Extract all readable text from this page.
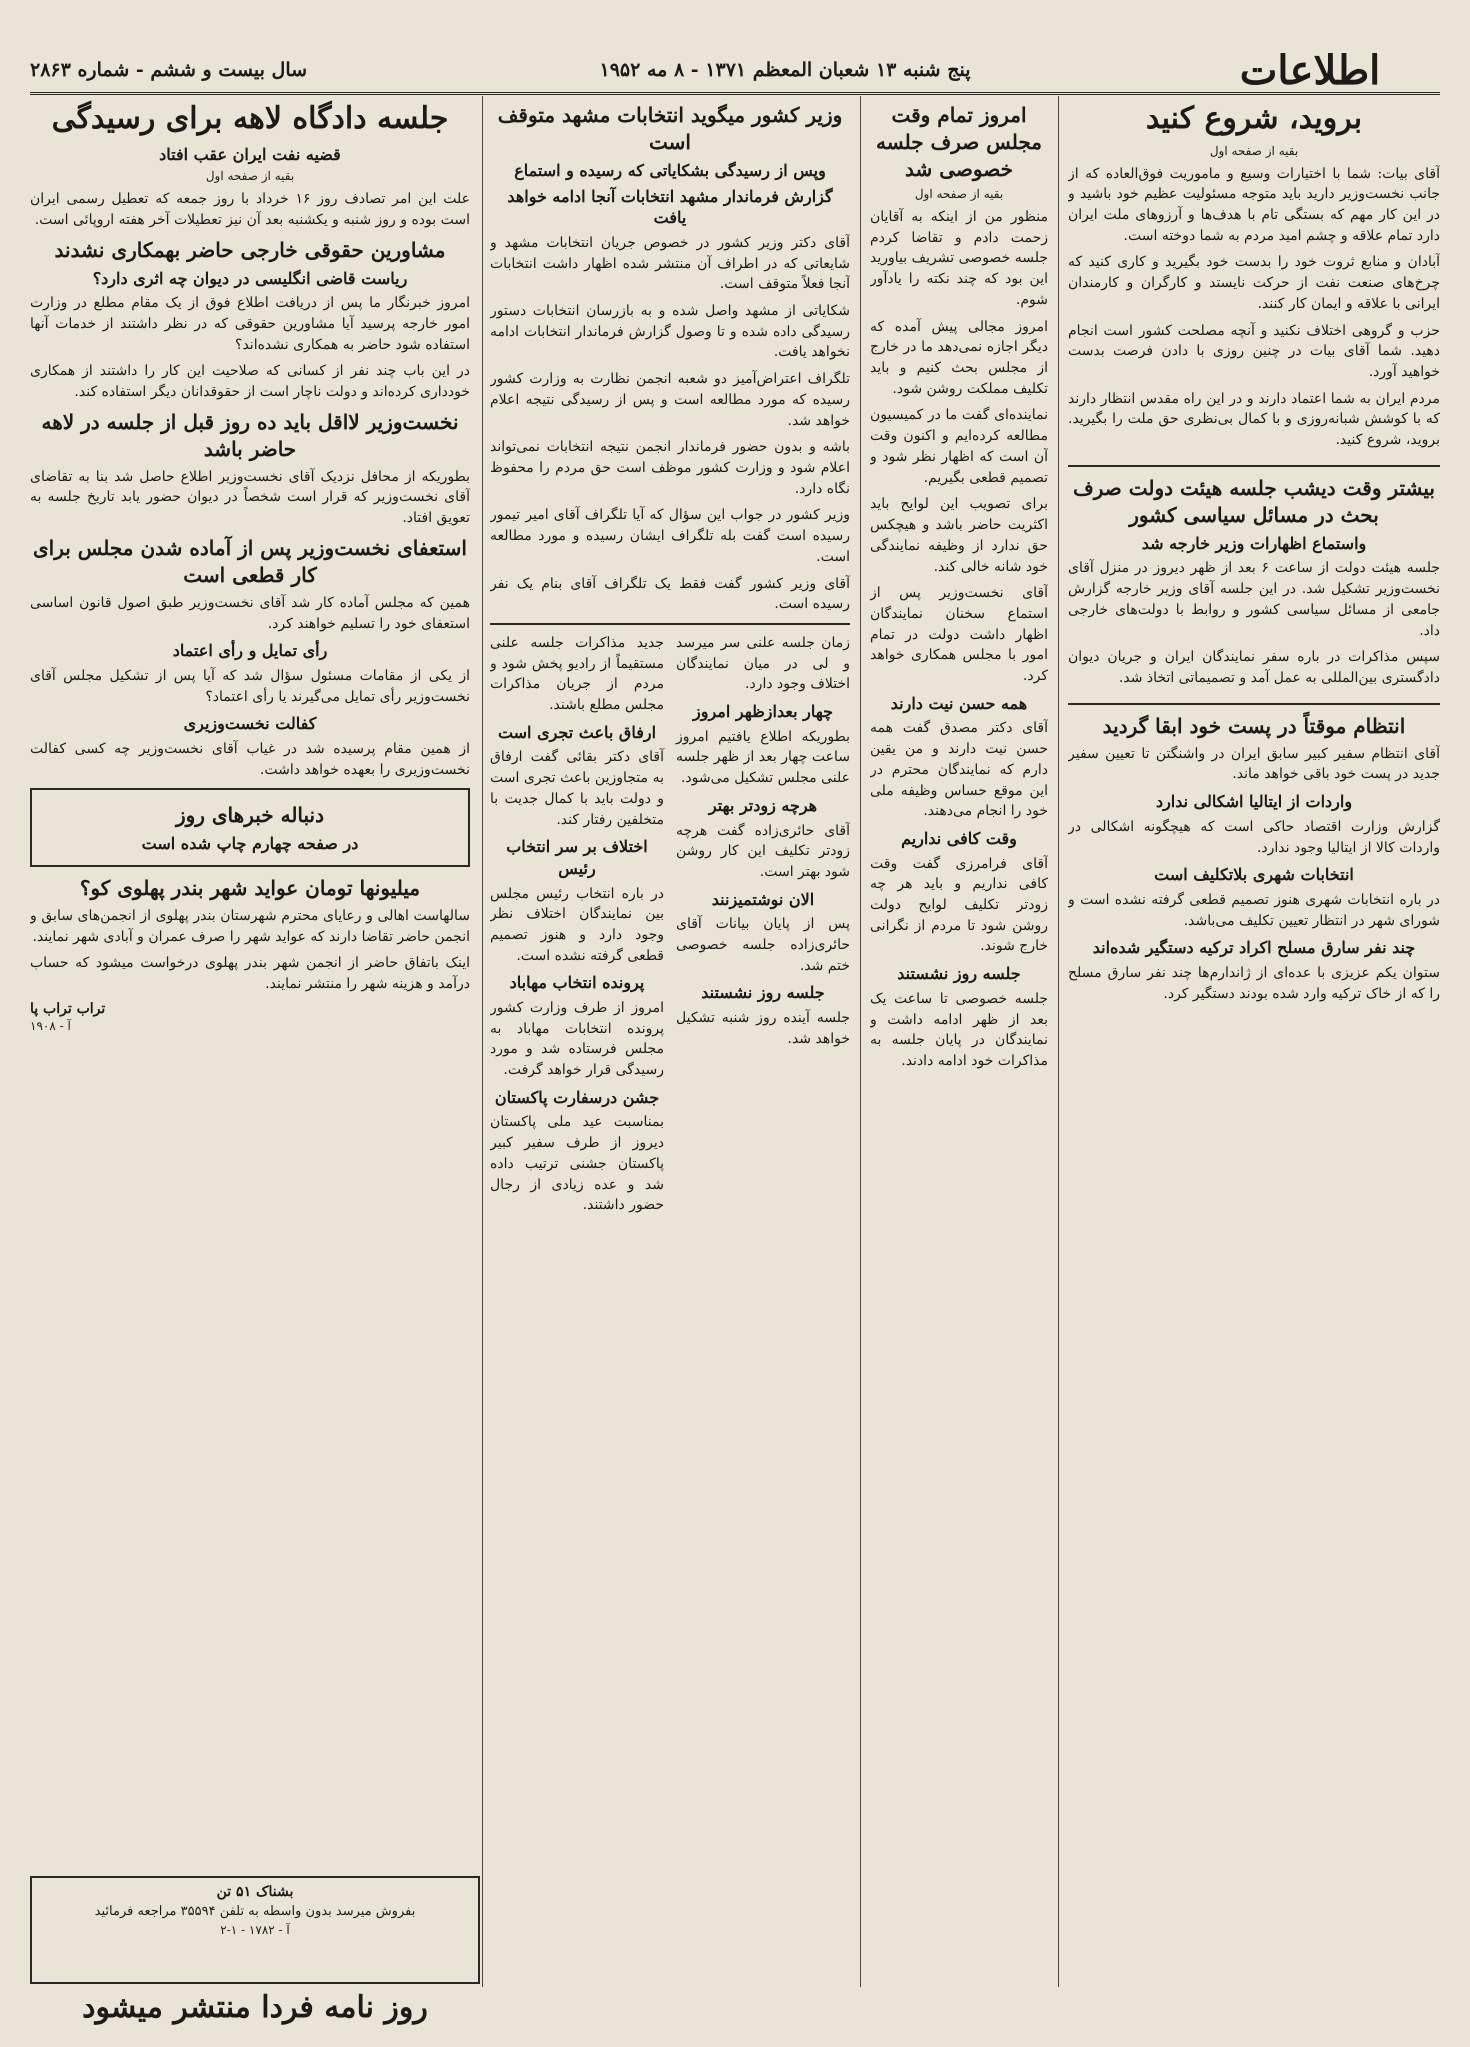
اطلاعات
پنج شنبه ۱۳ شعبان المعظم ۱۳۷۱ - ۸ مه ۱۹۵۲
سال بیست و ششم - شماره ۲۸۶۳
بروید، شروع کنید
بقیه از صفحه اول

آقای بیات: شما با اختیارات وسیع و ماموریت فوق‌العاده که از جانب نخست‌وزیر دارید باید متوجه مسئولیت عظیم خود باشید و در این کار مهم که بستگی تام با هدف‌ها و آرزوهای ملت ایران دارد تمام علاقه و چشم امید مردم به شما دوخته است.

آبادان و منابع ثروت خود را بدست خود بگیرید و کاری کنید که چرخ‌های صنعت نفت از حرکت نایستد و کارگران و کارمندان ایرانی با علاقه و ایمان کار کنند.

حزب و گروهی اختلاف نکنید و آنچه مصلحت کشور است انجام دهید. شما آقای بیات در چنین روزی با دادن فرصت بدست خواهید آورد.

مردم ایران به شما اعتماد دارند و در این راه مقدس انتظار دارند که با کوشش شبانه‌روزی و با کمال بی‌نظری حق ملت را بگیرید. بروید، شروع کنید.

بیشتر وقت دیشب جلسه هیئت دولت صرف بحث در مسائل سیاسی کشور
واستماع اظهارات وزیر خارجه شد

جلسه هیئت دولت از ساعت ۶ بعد از ظهر دیروز در منزل آقای نخست‌وزیر تشکیل شد. در این جلسه آقای وزیر خارجه گزارش جامعی از مسائل سیاسی کشور و روابط با دولت‌های خارجی داد.

سپس مذاکرات در باره سفر نمایندگان ایران و جریان دیوان دادگستری بین‌المللی به عمل آمد و تصمیماتی اتخاذ شد.

انتظام موقتاً در پست خود ابقا گردید

آقای انتظام سفیر کبیر سابق ایران در واشنگتن تا تعیین سفیر جدید در پست خود باقی خواهد ماند.

واردات از ایتالیا اشکالی ندارد

گزارش وزارت اقتصاد حاکی است که هیچگونه اشکالی در واردات کالا از ایتالیا وجود ندارد.

انتخابات شهری بلاتکلیف است

در باره انتخابات شهری هنوز تصمیم قطعی گرفته نشده است و شورای شهر در انتظار تعیین تکلیف می‌باشد.

چند نفر سارق مسلح اکراد ترکیه دستگیر شده‌اند

ستوان یکم عزیزی با عده‌ای از ژاندارم‌ها چند نفر سارق مسلح را که از خاک ترکیه وارد شده بودند دستگیر کرد.

امروز تمام وقت مجلس صرف جلسه خصوصی شد
بقیه از صفحه اول

منظور من از اینکه به آقایان زحمت دادم و تقاضا کردم جلسه خصوصی تشریف بیاورید این بود که چند نکته را یادآور شوم.

امروز مجالی پیش آمده که دیگر اجازه نمی‌دهد ما در خارج از مجلس بحث کنیم و باید تکلیف مملکت روشن شود.

نماینده‌ای گفت ما در کمیسیون مطالعه کرده‌ایم و اکنون وقت آن است که اظهار نظر شود و تصمیم قطعی بگیریم.

برای تصویب این لوایح باید اکثریت حاضر باشد و هیچکس حق ندارد از وظیفه نمایندگی خود شانه خالی کند.

آقای نخست‌وزیر پس از استماع سخنان نمایندگان اظهار داشت دولت در تمام امور با مجلس همکاری خواهد کرد.

همه حسن نیت دارند

آقای دکتر مصدق گفت همه حسن نیت دارند و من یقین دارم که نمایندگان محترم در این موقع حساس وظیفه ملی خود را انجام می‌دهند.

وقت کافی نداریم

آقای فرامرزی گفت وقت کافی نداریم و باید هر چه زودتر تکلیف لوایح دولت روشن شود تا مردم از نگرانی خارج شوند.

جلسه روز نشستند

جلسه خصوصی تا ساعت یک بعد از ظهر ادامه داشت و نمایندگان در پایان جلسه به مذاکرات خود ادامه دادند.

وزیر کشور میگوید انتخابات مشهد متوقف است
وپس از رسیدگی بشکایاتی که رسیده و استماع
گزارش فرماندار مشهد انتخابات آنجا ادامه خواهد یافت

آقای دکتر وزیر کشور در خصوص جریان انتخابات مشهد و شایعاتی که در اطراف آن منتشر شده اظهار داشت انتخابات آنجا فعلاً متوقف است.

شکایاتی از مشهد واصل شده و به بازرسان انتخابات دستور رسیدگی داده شده و تا وصول گزارش فرماندار انتخابات ادامه نخواهد یافت.

تلگراف اعتراض‌آمیز دو شعبه انجمن نظارت به وزارت کشور رسیده که مورد مطالعه است و پس از رسیدگی نتیجه اعلام خواهد شد.

باشه و بدون حضور فرماندار انجمن نتیجه انتخابات نمی‌تواند اعلام شود و وزارت کشور موظف است حق مردم را محفوظ نگاه دارد.

وزیر کشور در جواب این سؤال که آیا تلگراف آقای امیر تیمور رسیده است گفت بله تلگراف ایشان رسیده و مورد مطالعه است.

آقای وزیر کشور گفت فقط یک تلگراف آقای بنام یک نفر رسیده است.

زمان جلسه علنی سر میرسد و لی در میان نمایندگان اختلاف وجود دارد.

چهار بعدازظهر امروز

بطوریکه اطلاع یافتیم امروز ساعت چهار بعد از ظهر جلسه علنی مجلس تشکیل می‌شود.

هرچه زودتر بهتر

آقای حائری‌زاده گفت هرچه زودتر تکلیف این کار روشن شود بهتر است.

الان نوشتمیزنند

پس از پایان بیانات آقای حائری‌زاده جلسه خصوصی ختم شد.

جلسه روز نشستند

جلسه آینده روز شنبه تشکیل خواهد شد.

جدید مذاکرات جلسه علنی مستقیماً از رادیو پخش شود و مردم از جریان مذاکرات مجلس مطلع باشند.

ارفاق باعث تجری است

آقای دکتر بقائی گفت ارفاق به متجاوزین باعث تجری است و دولت باید با کمال جدیت با متخلفین رفتار کند.

اختلاف بر سر انتخاب رئیس

در باره انتخاب رئیس مجلس بین نمایندگان اختلاف نظر وجود دارد و هنوز تصمیم قطعی گرفته نشده است.

پرونده انتخاب مهاباد

امروز از طرف وزارت کشور پرونده انتخابات مهاباد به مجلس فرستاده شد و مورد رسیدگی قرار خواهد گرفت.

جشن درسفارت پاکستان

بمناسبت عید ملی پاکستان دیروز از طرف سفیر کبیر پاکستان جشنی ترتیب داده شد و عده زیادی از رجال حضور داشتند.

جلسه دادگاه لاهه برای رسیدگی
قضیه نفت ایران عقب افتاد
بقیه از صفحه اول

علت این امر تصادف روز ۱۶ خرداد با روز جمعه که تعطیل رسمی ایران است بوده و روز شنبه و یکشنبه بعد آن نیز تعطیلات آخر هفته اروپائی است.

مشاورین حقوقی خارجی حاضر بهمکاری نشدند
ریاست قاضی انگلیسی در دیوان چه اثری دارد؟

امروز خبرنگار ما پس از دریافت اطلاع فوق از یک مقام مطلع در وزارت امور خارجه پرسید آیا مشاورین حقوقی که در نظر داشتند از خدمات آنها استفاده شود حاضر به همکاری نشده‌اند؟

در این باب چند نفر از کسانی که صلاحیت این کار را داشتند از همکاری خودداری کرده‌اند و دولت ناچار است از حقوقدانان دیگر استفاده کند.

نخست‌وزیر لااقل باید ده روز قبل از جلسه در لاهه حاضر باشد

بطوریکه از محافل نزدیک آقای نخست‌وزیر اطلاع حاصل شد بنا به تقاضای آقای نخست‌وزیر که قرار است شخصاً در دیوان حضور یابد تاریخ جلسه به تعویق افتاد.

استعفای نخست‌وزیر پس از آماده شدن مجلس برای کار قطعی است

همین که مجلس آماده کار شد آقای نخست‌وزیر طبق اصول قانون اساسی استعفای خود را تسلیم خواهند کرد.

رأی تمایل و رأی اعتماد

از یکی از مقامات مسئول سؤال شد که آیا پس از تشکیل مجلس آقای نخست‌وزیر رأی تمایل می‌گیرند یا رأی اعتماد؟

کفالت نخست‌وزیری

از همین مقام پرسیده شد در غیاب آقای نخست‌وزیر چه کسی کفالت نخست‌وزیری را بعهده خواهد داشت.

دنباله خبرهای روز
در صفحه چهارم چاپ شده است
میلیونها تومان عواید شهر بندر پهلوی کو؟

سالهاست اهالی و رعایای محترم شهرستان بندر پهلوی از انجمن‌های سابق و انجمن حاضر تقاضا دارند که عواید شهر را صرف عمران و آبادی شهر نمایند.

اینک باتفاق حاضر از انجمن شهر بندر پهلوی درخواست میشود که حساب درآمد و هزینه شهر را منتشر نمایند.

تراب تراب پا
آ - ۱۹۰۸
بشناک ۵۱ تن
بفروش میرسد بدون واسطه به تلفن ۳۵۵۹۴ مراجعه فرمائید
آ - ۱۷۸۲ - ۱-۲
روز نامه فردا منتشر میشود
